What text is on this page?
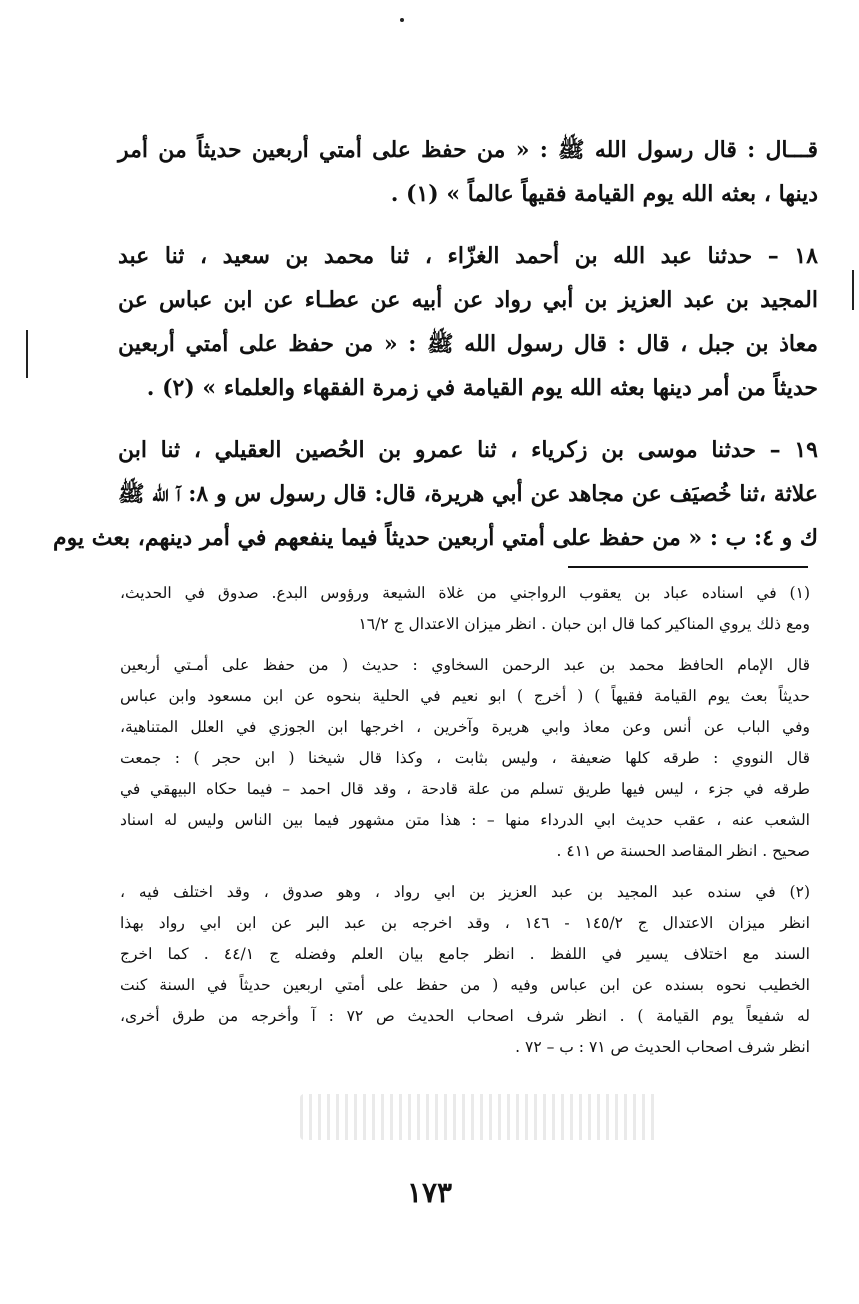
قـــال : قال رسول الله ﷺ : « من حفظ على أمتي أربعين حديثاً من أمر
دينها ، بعثه الله يوم القيامة فقيهاً عالماً » (١) .

١٨ – حدثنا عبد الله بن أحمد الغزّاء ، ثنا محمد بن سعيد ، ثنا عبد
المجيد بن عبد العزيز بن أبي رواد عن أبيه عن عطـاء عن ابن عباس عن
معاذ بن جبل ، قال : قال رسول الله ﷺ : « من حفظ على أمتي أربعين
حديثاً من أمر دينها بعثه الله يوم القيامة في زمرة الفقهاء والعلماء » (٢) .

١٩ – حدثنا موسى بن زكرياء ، ثنا عمرو بن الحُصين العقيلي ، ثنا ابن
علاثة ،ثنا خُصيَف عن مجاهد عن أبي هريرة، قال: قال رسول س و ٨: آ الله ﷺ
ك و ٤: ب : « من حفظ على أمتي أربعين حديثاً فيما ينفعهم في أمر دينهم، بعث يوم

(١) في اسناده عباد بن يعقوب الرواجني من غلاة الشيعة ورؤوس البدع. صدوق في الحديث،
ومع ذلك يروي المناكير كما قال ابن حبان . انظر ميزان الاعتدال ج ١٦/٢

قال الإمام الحافظ محمد بن عبد الرحمن السخاوي : حديث ( من حفظ على أمـتي أربعين
حديثاً بعث يوم القيامة فقيهاً ) ( أخرج ) ابو نعيم في الحلية بنحوه عن ابن مسعود وابن عباس
وفي الباب عن أنس وعن معاذ وابي هريرة وآخرين ، اخرجها ابن الجوزي في العلل المتناهية،
قال النووي : طرقه كلها ضعيفة ، وليس بثابت ، وكذا قال شيخنا ( ابن حجر ) : جمعت
طرقه في جزء ، ليس فيها طريق تسلم من علة قادحة ، وقد قال احمد – فيما حكاه البيهقي في
الشعب عنه ، عقب حديث ابي الدرداء منها – : هذا متن مشهور فيما بين الناس وليس له اسناد
صحيح . انظر المقاصد الحسنة ص ٤١١ .

(٢) في سنده عبد المجيد بن عبد العزيز بن ابي رواد ، وهو صدوق ، وقد اختلف فيه ،
انظر ميزان الاعتدال ج ١٤٥/٢ - ١٤٦ ، وقد اخرجه بن عبد البر عن ابن ابي رواد بهذا
السند مع اختلاف يسير في اللفظ . انظر جامع بيان العلم وفضله ج ٤٤/١ . كما اخرج
الخطيب نحوه بسنده عن ابن عباس وفيه ( من حفظ على أمتي اربعين حديثاً في السنة كنت
له شفيعاً يوم القيامة ) . انظر شرف اصحاب الحديث ص ٧٢ : آ وأخرجه من طرق أخرى،
انظر شرف اصحاب الحديث ص ٧١ : ب – ٧٢ .

١٧٣
